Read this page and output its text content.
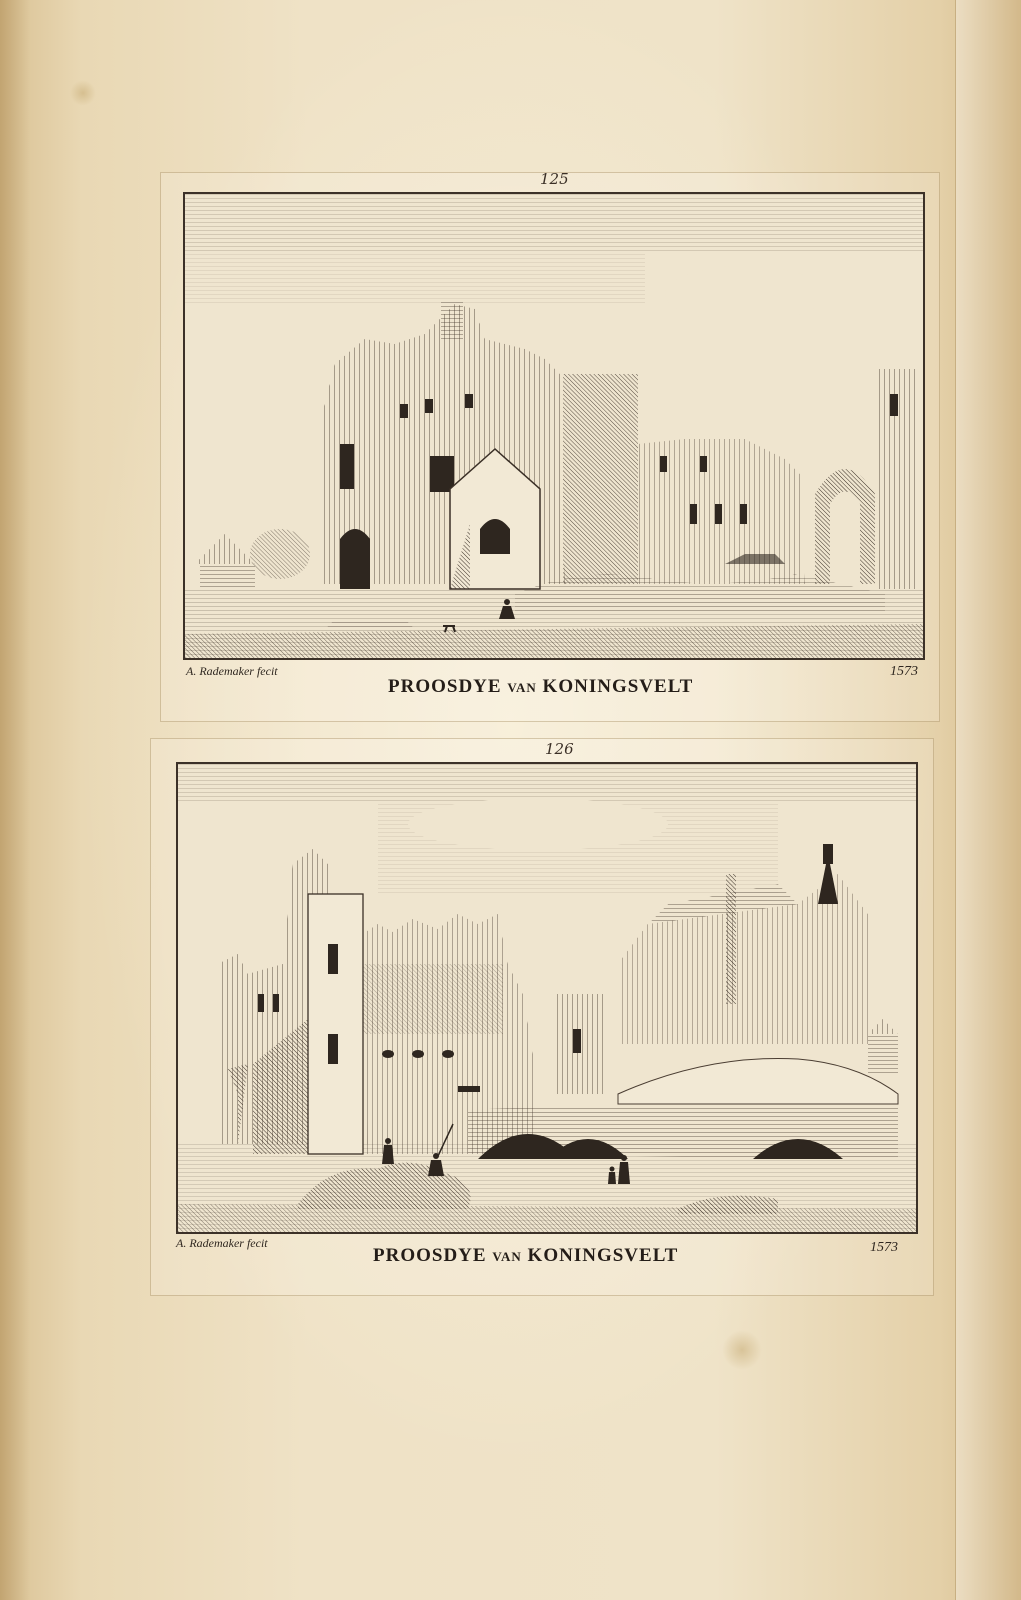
125
A. Rademaker fecit
PROOSDYE van KONINGSVELT
1573
126
A. Rademaker fecit
PROOSDYE van KONINGSVELT	1573
